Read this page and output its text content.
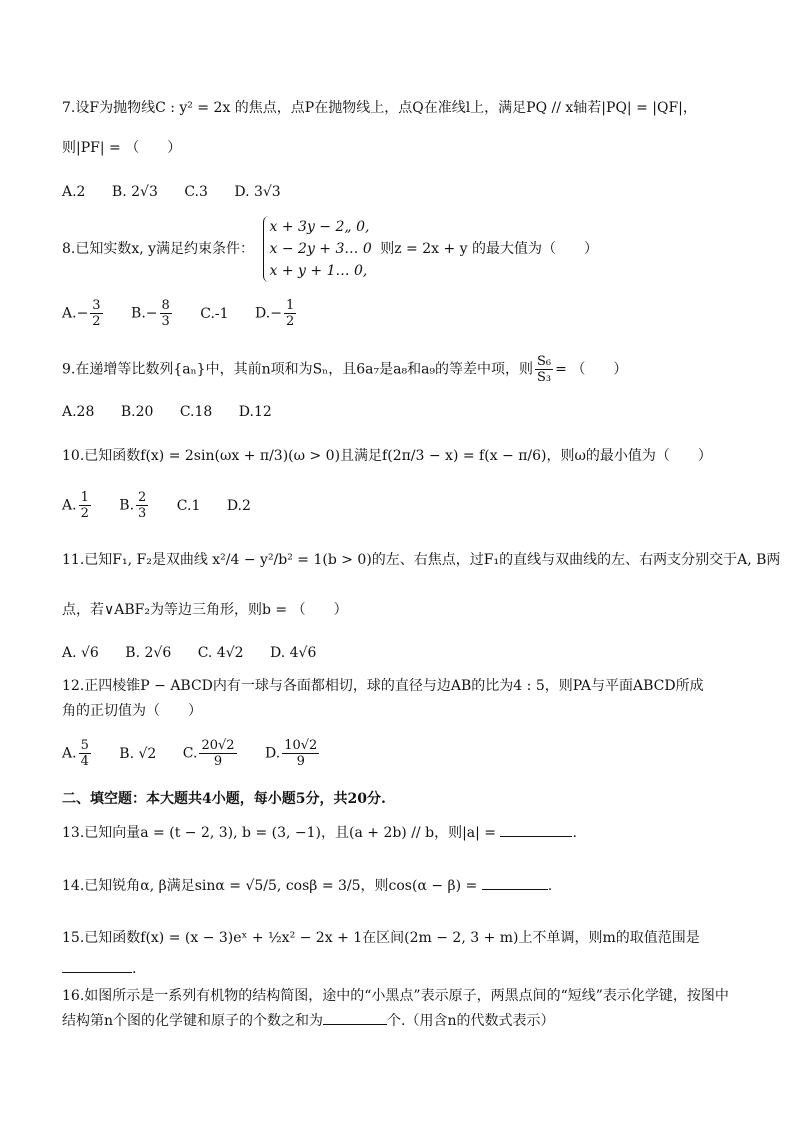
7.设F为抛物线C : y² = 2x 的焦点，点P在抛物线上，点Q在准线l上，满足PQ // x轴若|PQ| = |QF|，
则|PF| = （　　）
A.2 B. 2√3 C.3 D. 3√3
8.已知实数x, y满足约束条件：
x + 3y − 2„ 0,
x − 2y + 3… 0
x + y + 1… 0,
则z = 2x + y 的最大值为（　　）
$A.- \frac{3}{2} B.- \frac{8}{3} C.-1$ $D.- \frac{1}{2}$
9.在递增等比数列{aₙ}中，其前n项和为Sₙ，且6a₇是a₈和a₉的等差中项，则 $\frac{\text{S₆}}{\text{S₃}}$ = （　　）
A.28 B.20 C.18 D.12
10.已知函数f(x) = 2sin(ωx + π/3)(ω > 0)且满足f(2π/3 − x) = f(x − π/6)，则ω的最小值为（　　）
A. $\frac{1}{2} B$. $\frac{2}{3} C.1$ D.2
11.已知F₁, F₂是双曲线 x²/4 − y²/b² = 1(b > 0)的左、右焦点，过F₁的直线与双曲线的左、右两支分别交于A, B两
点，若∨ABF₂为等边三角形，则b = （　　）
A. √6 B. 2√6 C. 4√2 D. 4√6
12.正四棱锥P − ABCD内有一球与各面都相切，球的直径与边AB的比为4 : 5，则PA与平面ABCD所成
角的正切值为（　　）
A. $\frac{5}{4} B$. √2 C. $\frac{20√2}{9} D$. $\frac{10√2}{9}$
二、填空题：本大题共4小题，每小题5分，共20分.
13.已知向量a = (t − 2, 3), b = (3, −1)，且(a + 2b) // b，则|a| =	.
14.已知锐角α, β满足sinα = √5/5, cosβ = 3/5，则cos(α − β) =	.
15.已知函数f(x) = (x − 3)eˣ + ½x² − 2x + 1在区间(2m − 2, 3 + m)上不单调，则m的取值范围是
.
16.如图所示是一系列有机物的结构简图，途中的“小黑点”表示原子，两黑点间的“短线”表示化学键，按图中
结构第n个图的化学键和原子的个数之和为	个.（用含n的代数式表示）
